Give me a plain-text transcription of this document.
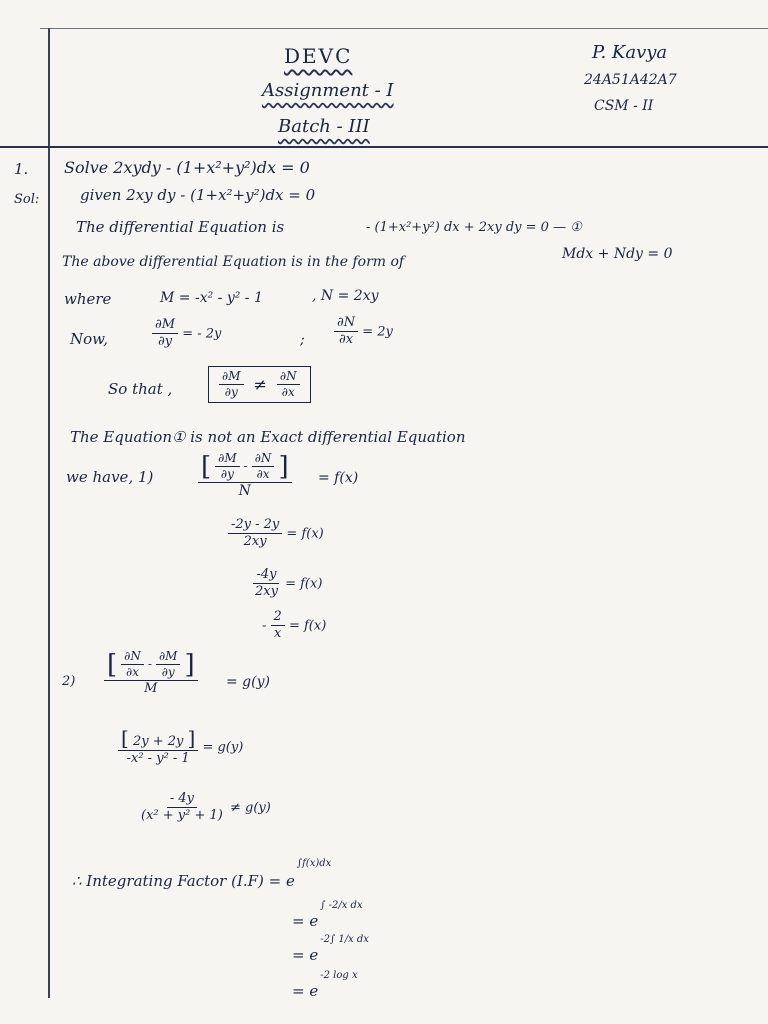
DEVC
Assignment - I
Batch - III
P. Kavya
24A51A42A7
CSM - II
1. Solve 2xydy - (1+x²+y²)dx = 0
Sol:	given 2xy dy - (1+x²+y²)dx = 0
The differential Equation is	- (1+x²+y²) dx + 2xy dy = 0 — ①
The above differential Equation is in the form of	Mdx + Ndy = 0
where	M = -x² - y² - 1	, N = 2xy
Now,	$\frac{\partial M}{\partial y}$ = - 2y	; $\frac{\partial N}{\partial x} = 2y$
So that ,	$\frac{\partial M}{\partial y} \ne \frac{\partial N}{\partial x}$
The Equation① is not an Exact differential Equation
we have, $1) \frac{[ \frac{\partial M}{\partial y} - \frac{\partial N}{\partial x} ]}{N} = f(x)$
$\frac{-2y - 2y}{2xy} = f(x)$
$\frac{-4y}{2xy} = f(x)$
- $\frac{2}{x} = f(x)$
$2) \frac{[ \frac{\partial N}{\partial x} - \frac{\partial M}{\partial y} ]}{M} = g(y)$
$\frac{[ 2y + 2y ]}{\text{-x² - y² - 1}} = g(y)$
$\frac{- 4y}{\text{(x² + y² + 1)}} \ne g(y)$
∴ Integrating Factor $(I.F) = e^{\int f(x)dx}$
= $e^{\int -2/x dx}$
= $e^{-2\int 1/x dx}$
= $e^{-2 log x}$
